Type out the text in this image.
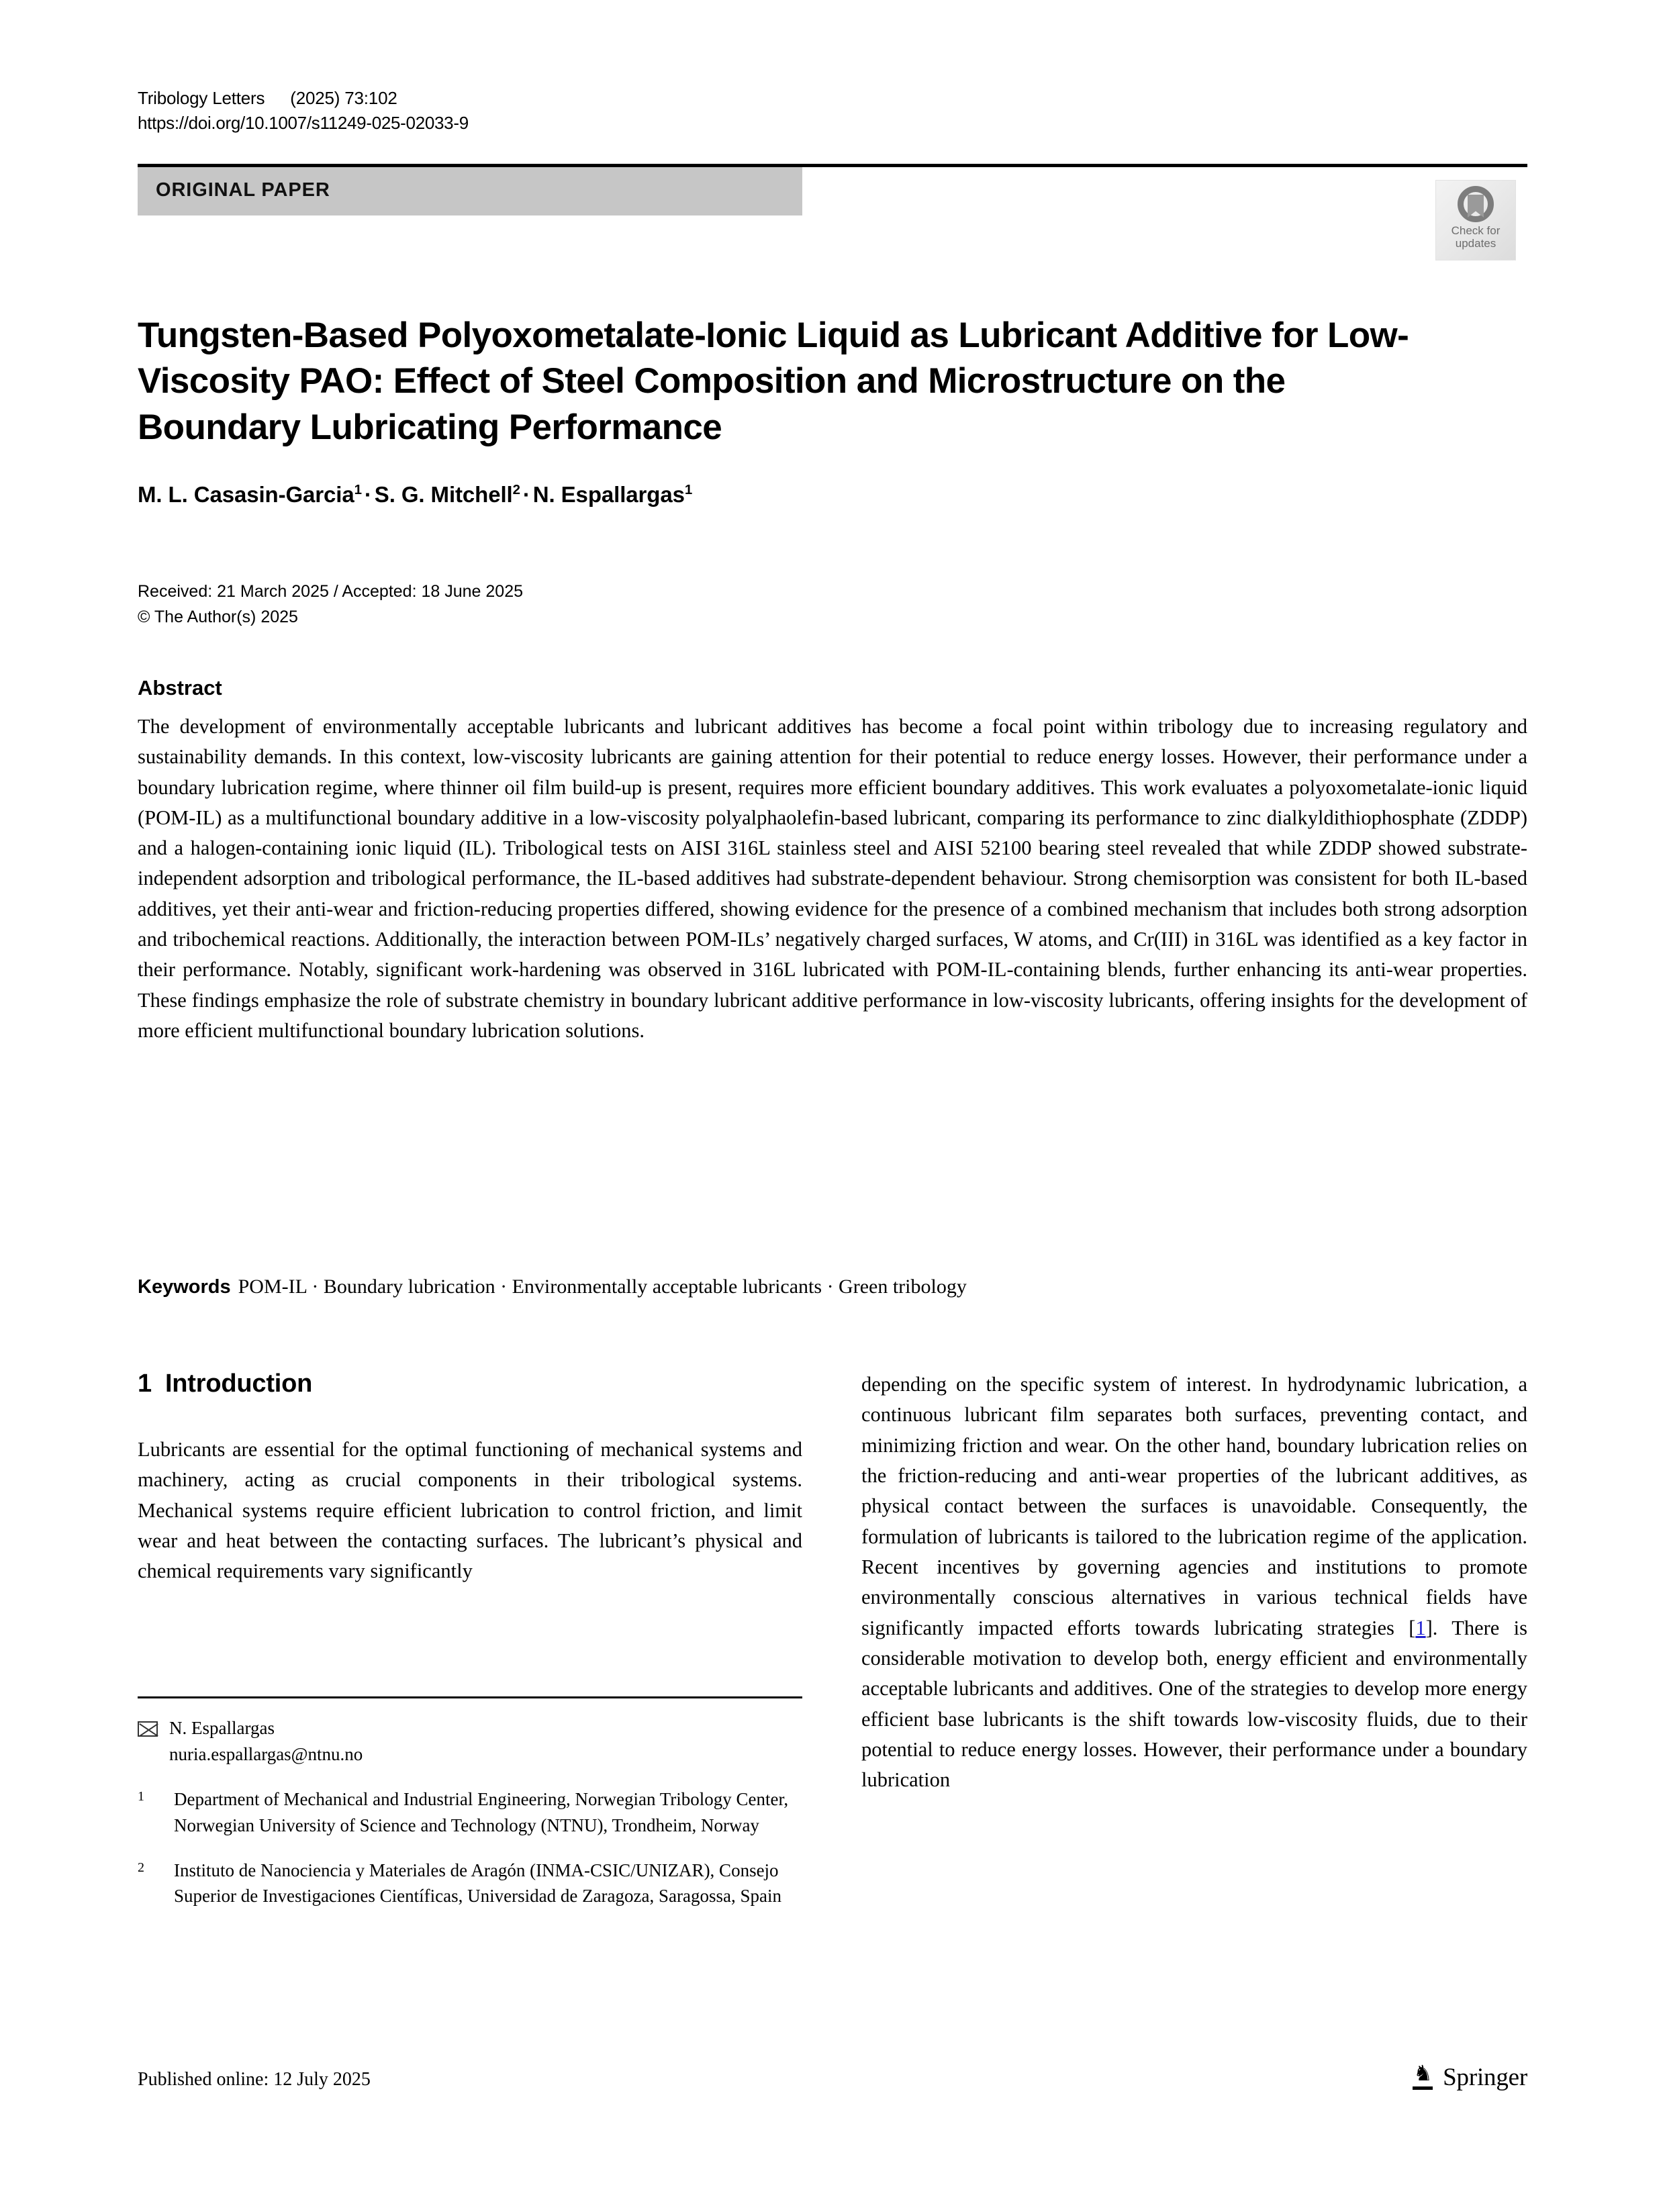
Tribology Letters (2025) 73:102
https://doi.org/10.1007/s11249-025-02033-9
ORIGINAL PAPER
Check for
updates
Tungsten-Based Polyoxometalate-Ionic Liquid as Lubricant Additive for Low-Viscosity PAO: Effect of Steel Composition and Microstructure on the Boundary Lubricating Performance
M. L. Casasin-Garcia$^1$ · S. G. Mitchell$^2$ · N. Espallargas$^1$
Received: 21 March 2025 / Accepted: 18 June 2025
© The Author(s) 2025
Abstract
The development of environmentally acceptable lubricants and lubricant additives has become a focal point within tribology due to increasing regulatory and sustainability demands. In this context, low-viscosity lubricants are gaining attention for their potential to reduce energy losses. However, their performance under a boundary lubrication regime, where thinner oil film build-up is present, requires more efficient boundary additives. This work evaluates a polyoxometalate-ionic liquid (POM-IL) as a multifunctional boundary additive in a low-viscosity polyalphaolefin-based lubricant, comparing its performance to zinc dialkyldithiophosphate (ZDDP) and a halogen-containing ionic liquid (IL). Tribological tests on AISI 316L stainless steel and AISI 52100 bearing steel revealed that while ZDDP showed substrate-independent adsorption and tribological performance, the IL-based additives had substrate-dependent behaviour. Strong chemisorption was consistent for both IL-based additives, yet their anti-wear and friction-reducing properties differed, showing evidence for the presence of a combined mechanism that includes both strong adsorption and tribochemical reactions. Additionally, the interaction between POM-ILs’ negatively charged surfaces, W atoms, and Cr(III) in 316L was identified as a key factor in their performance. Notably, significant work-hardening was observed in 316L lubricated with POM-IL-containing blends, further enhancing its anti-wear properties. These findings emphasize the role of substrate chemistry in boundary lubricant additive performance in low-viscosity lubricants, offering insights for the development of more efficient multifunctional boundary lubrication solutions.
Keywords POM-IL · Boundary lubrication · Environmentally acceptable lubricants · Green tribology
1 Introduction

Lubricants are essential for the optimal functioning of mechanical systems and machinery, acting as crucial components in their tribological systems. Mechanical systems require efficient lubrication to control friction, and limit wear and heat between the contacting surfaces. The lubricant’s physical and chemical requirements vary significantly

depending on the specific system of interest. In hydrodynamic lubrication, a continuous lubricant film separates both surfaces, preventing contact, and minimizing friction and wear. On the other hand, boundary lubrication relies on the friction-reducing and anti-wear properties of the lubricant additives, as physical contact between the surfaces is unavoidable. Consequently, the formulation of lubricants is tailored to the lubrication regime of the application. Recent incentives by governing agencies and institutions to promote environmentally conscious alternatives in various technical fields have significantly impacted efforts towards lubricating strategies [1]. There is considerable motivation to develop both, energy efficient and environmentally acceptable lubricants and additives. One of the strategies to develop more energy efficient base lubricants is the shift towards low-viscosity fluids, due to their potential to reduce energy losses. However, their performance under a boundary lubrication

N. Espallargas
nuria.espallargas@ntnu.no
1	Department of Mechanical and Industrial Engineering, Norwegian Tribology Center, Norwegian University of Science and Technology (NTNU), Trondheim, Norway
2	Instituto de Nanociencia y Materiales de Aragón (INMA-CSIC/UNIZAR), Consejo Superior de Investigaciones Científicas, Universidad de Zaragoza, Saragossa, Spain
Published online: 12 July 2025	♞ Springer
